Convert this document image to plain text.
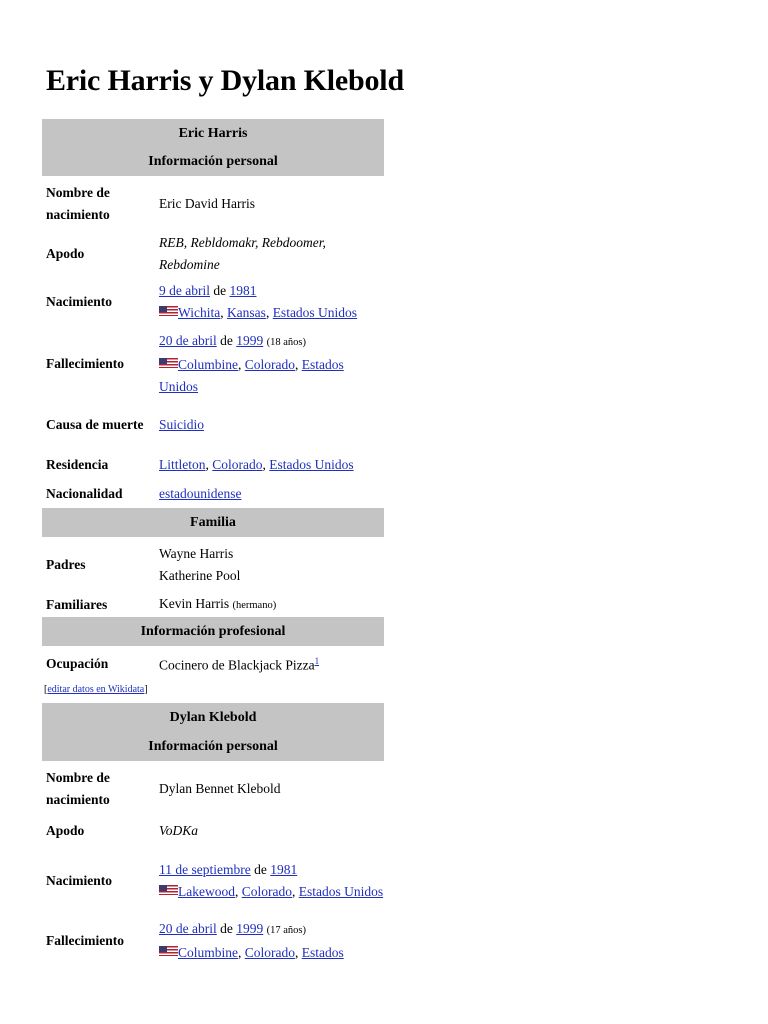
Eric Harris y Dylan Klebold
Eric Harris	
Información personal	
Nombre de nacimiento	Eric David Harris
Apodo	REB, Rebldomakr, Rebdoomer, Rebdomine
Nacimiento	9 de abril de 1981
Wichita, Kansas, Estados Unidos
Fallecimiento	20 de abril de 1999 (18 años)
Columbine, Colorado, Estados Unidos
Causa de muerte	Suicidio
Residencia	Littleton, Colorado, Estados Unidos
Nacionalidad	estadounidense
Familia	
Padres	Wayne Harris
Katherine Pool
Familiares	Kevin Harris (hermano)
Información profesional	
Ocupación	Cocinero de Blackjack Pizza$^1$
[editar datos en Wikidata]
Dylan Klebold	
Información personal	
Nombre de nacimiento	Dylan Bennet Klebold
Apodo	VoDKa
Nacimiento	11 de septiembre de 1981
Lakewood, Colorado, Estados Unidos
Fallecimiento	20 de abril de 1999 (17 años)
Columbine, Colorado, Estados
